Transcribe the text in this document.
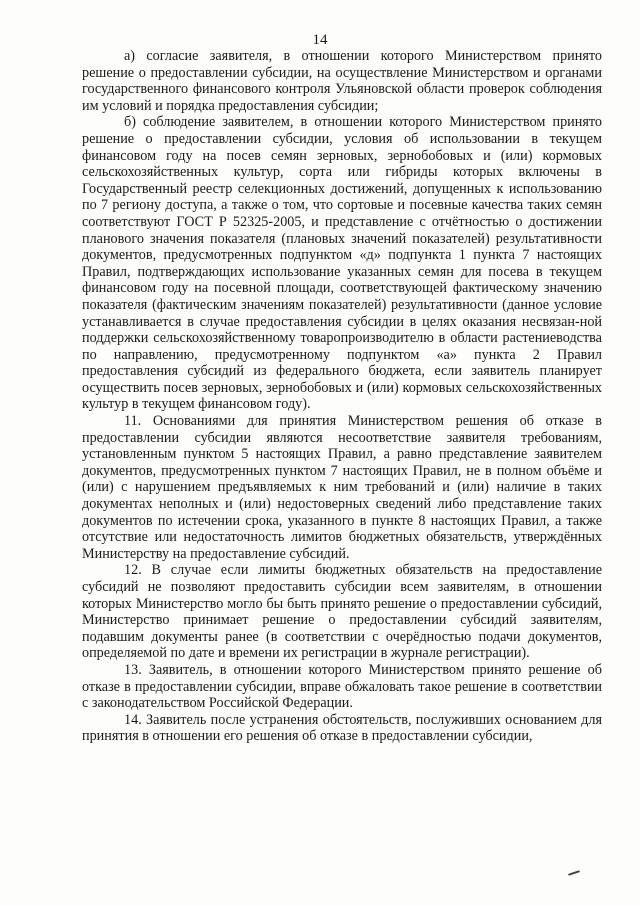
14

а) согласие заявителя, в отношении которого Министерством принято решение о предоставлении субсидии, на осуществление Министерством и органами государственного финансового контроля Ульяновской области проверок соблюдения им условий и порядка предоставления субсидии;

б) соблюдение заявителем, в отношении которого Министерством принято решение о предоставлении субсидии, условия об использовании в текущем финансовом году на посев семян зерновых, зернобобовых и (или) кормовых сельскохозяйственных культур, сорта или гибриды которых включены в Государственный реестр селекционных достижений, допущенных к использованию по 7 региону доступа, а также о том, что сортовые и посевные качества таких семян соответствуют ГОСТ Р 52325-2005, и представление с отчётностью о достижении планового значения показателя (плановых значений показателей) результативности документов, предусмотренных подпунктом «д» подпункта 1 пункта 7 настоящих Правил, подтверждающих использование указанных семян для посева в текущем финансовом году на посевной площади, соответствующей фактическому значению показателя (фактическим значениям показателей) результативности (данное условие устанавливается в случае предоставления субсидии в целях оказания несвязан-ной поддержки сельскохозяйственному товаропроизводителю в области растениеводства по направлению, предусмотренному подпунктом «а» пункта 2 Правил предоставления субсидий из федерального бюджета, если заявитель планирует осуществить посев зерновых, зернобобовых и (или) кормовых сельскохозяйственных культур в текущем финансовом году).

11. Основаниями для принятия Министерством решения об отказе в предоставлении субсидии являются несоответствие заявителя требованиям, установленным пунктом 5 настоящих Правил, а равно представление заявителем документов, предусмотренных пунктом 7 настоящих Правил, не в полном объёме и (или) с нарушением предъявляемых к ним требований и (или) наличие в таких документах неполных и (или) недостоверных сведений либо представление таких документов по истечении срока, указанного в пункте 8 настоящих Правил, а также отсутствие или недостаточность лимитов бюджетных обязательств, утверждённых Министерству на предоставление субсидий.

12. В случае если лимиты бюджетных обязательств на предоставление субсидий не позволяют предоставить субсидии всем заявителям, в отношении которых Министерство могло бы быть принято решение о предоставлении субсидий, Министерство принимает решение о предоставлении субсидий заявителям, подавшим документы ранее (в соответствии с очерёдностью подачи документов, определяемой по дате и времени их регистрации в журнале регистрации).

13. Заявитель, в отношении которого Министерством принято решение об отказе в предоставлении субсидии, вправе обжаловать такое решение в соответствии с законодательством Российской Федерации.

14. Заявитель после устранения обстоятельств, послуживших основанием для принятия в отношении его решения об отказе в предоставлении субсидии,
